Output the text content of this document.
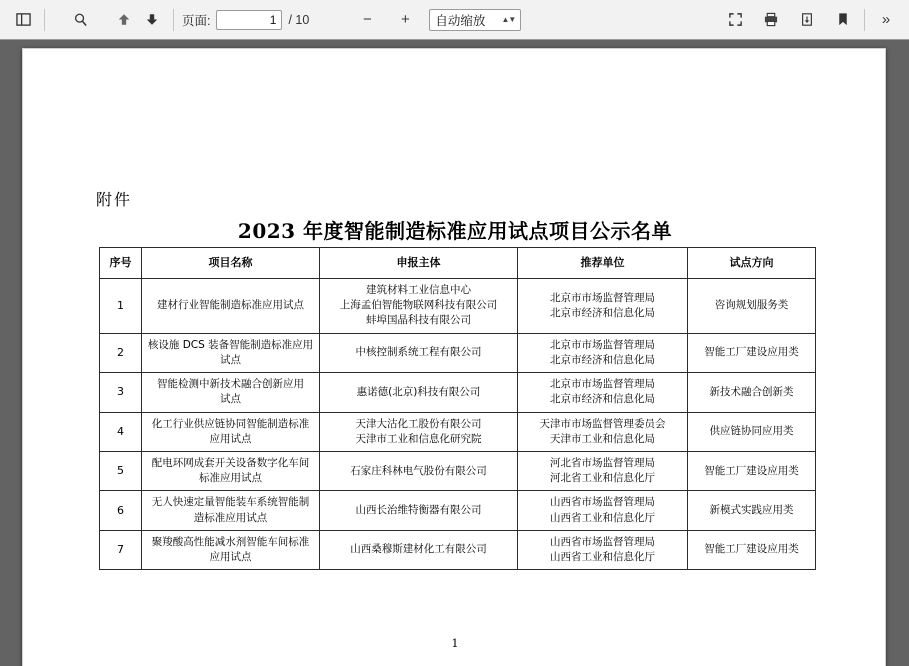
页面:
1	/ 10	−	+	自动缩放 ▲▼	»
附件
2023 年度智能制造标准应用试点项目公示名单
序号	项目名称	申报主体	推荐单位	试点方向
1	建材行业智能制造标准应用试点	建筑材料工业信息中心
上海孟伯智能物联网科技有限公司
蚌埠国晶科技有限公司	北京市市场监督管理局
北京市经济和信息化局	咨询规划服务类

2	核设施 DCS 装备智能制造标准应用
试点	中核控制系统工程有限公司	北京市市场监督管理局
北京市经济和信息化局	智能工厂建设应用类

3	智能检测中新技术融合创新应用
试点	惠诺德(北京)科技有限公司	北京市市场监督管理局
北京市经济和信息化局	新技术融合创新类

4	化工行业供应链协同智能制造标准
应用试点	天津大沽化工股份有限公司
天津市工业和信息化研究院	天津市市场监督管理委员会
天津市工业和信息化局	供应链协同应用类

5	配电环网成套开关设备数字化车间
标准应用试点	石家庄科林电气股份有限公司	河北省市场监督管理局
河北省工业和信息化厅	智能工厂建设应用类

6	无人快速定量智能装车系统智能制
造标准应用试点	山西长治维特衡器有限公司	山西省市场监督管理局
山西省工业和信息化厅	新模式实践应用类

7	聚羧酸高性能减水剂智能车间标准
应用试点	山西桑穆斯建材化工有限公司	山西省市场监督管理局
山西省工业和信息化厅	智能工厂建设应用类
1
